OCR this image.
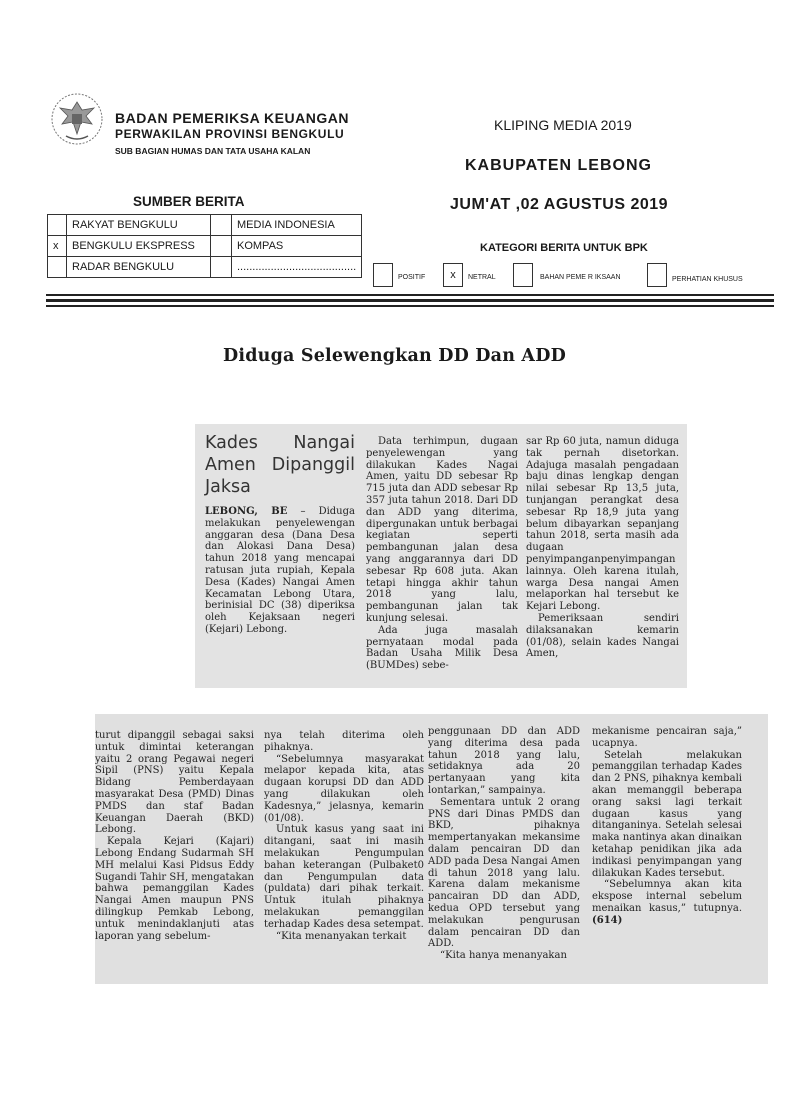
BADAN PEMERIKSA KEUANGAN
PERWAKILAN PROVINSI BENGKULU
SUB BAGIAN HUMAS DAN TATA USAHA KALAN
KLIPING MEDIA 2019
KABUPATEN LEBONG
JUM'AT ,02 AGUSTUS 2019
SUMBER BERITA
	RAKYAT BENGKULU		MEDIA INDONESIA
x	BENGKULU EKSPRESS		KOMPAS
	RADAR BENGKULU		.......................................
KATEGORI BERITA UNTUK BPK
POSITIF	x	NETRAL	BAHAN PEME R IKSAAN	PERHATIAN KHUSUS
Diduga Selewengkan DD Dan ADD
Kades Nangai Amen Dipanggil Jaksa

LEBONG, BE – Diduga melakukan penyelewengan anggaran desa (Dana Desa dan Alokasi Dana Desa) tahun 2018 yang mencapai ratusan juta rupiah, Kepala Desa (Kades) Nangai Amen Kecamatan Lebong Utara, berinisial DC (38) diperiksa oleh Kejaksaan negeri (Kejari) Lebong.

Data terhimpun, dugaan penyelewengan yang dilakukan Kades Nagai Amen, yaitu DD sebesar Rp 715 juta dan ADD sebesar Rp 357 juta tahun 2018. Dari DD dan ADD yang diterima, dipergunakan untuk berbagai kegiatan seperti pembangunan jalan desa yang anggarannya dari DD sebesar Rp 608 juta. Akan tetapi hingga akhir tahun 2018 yang lalu, pembangunan jalan tak kunjung selesai.

Ada juga masalah pernyataan modal pada Badan Usaha Milik Desa (BUMDes) sebe-

sar Rp 60 juta, namun diduga tak pernah disetorkan. Adajuga masalah pengadaan baju dinas lengkap dengan nilai sebesar Rp 13,5 juta, tunjangan perangkat desa sebesar Rp 18,9 juta yang belum dibayarkan sepanjang tahun 2018, serta masih ada dugaan penyimpanganpenyimpangan lainnya. Oleh karena itulah, warga Desa nangai Amen melaporkan hal tersebut ke Kejari Lebong.

Pemeriksaan sendiri dilaksanakan kemarin (01/08), selain kades Nangai Amen,

turut dipanggil sebagai saksi untuk dimintai keterangan yaitu 2 orang Pegawai negeri Sipil (PNS) yaitu Kepala Bidang Pemberdayaan masyarakat Desa (PMD) Dinas PMDS dan staf Badan Keuangan Daerah (BKD) Lebong.

Kepala Kejari (Kajari) Lebong Endang Sudarmah SH MH melalui Kasi Pidsus Eddy Sugandi Tahir SH, mengatakan bahwa pemanggilan Kades Nangai Amen maupun PNS dilingkup Pemkab Lebong, untuk menindaklanjuti atas laporan yang sebelum-

nya telah diterima oleh pihaknya.

“Sebelumnya masyarakat melapor kepada kita, atas dugaan korupsi DD dan ADD yang dilakukan oleh Kadesnya,” jelasnya, kemarin (01/08).

Untuk kasus yang saat ini ditangani, saat ini masih melakukan Pengumpulan bahan keterangan (Pulbaket0 dan Pengumpulan data (puldata) dari pihak terkait. Untuk itulah pihaknya melakukan pemanggilan terhadap Kades desa setempat.

“Kita menanyakan terkait

penggunaan DD dan ADD yang diterima desa pada tahun 2018 yang lalu, setidaknya ada 20 pertanyaan yang kita lontarkan,” sampainya.

Sementara untuk 2 orang PNS dari Dinas PMDS dan BKD, pihaknya mempertanyakan mekansime dalam pencairan DD dan ADD pada Desa Nangai Amen di tahun 2018 yang lalu. Karena dalam mekanisme pancairan DD dan ADD, kedua OPD tersebut yang melakukan pengurusan dalam pencairan DD dan ADD.

“Kita hanya menanyakan

mekanisme pencairan saja,” ucapnya.

Setelah melakukan pemanggilan terhadap Kades dan 2 PNS, pihaknya kembali akan memanggil beberapa orang saksi lagi terkait dugaan kasus yang ditanganinya. Setelah selesai maka nantinya akan dinaikan ketahap penidikan jika ada indikasi penyimpangan yang dilakukan Kades tersebut.

“Sebelumnya akan kita ekspose internal sebelum menaikan kasus,” tutupnya.(614)
